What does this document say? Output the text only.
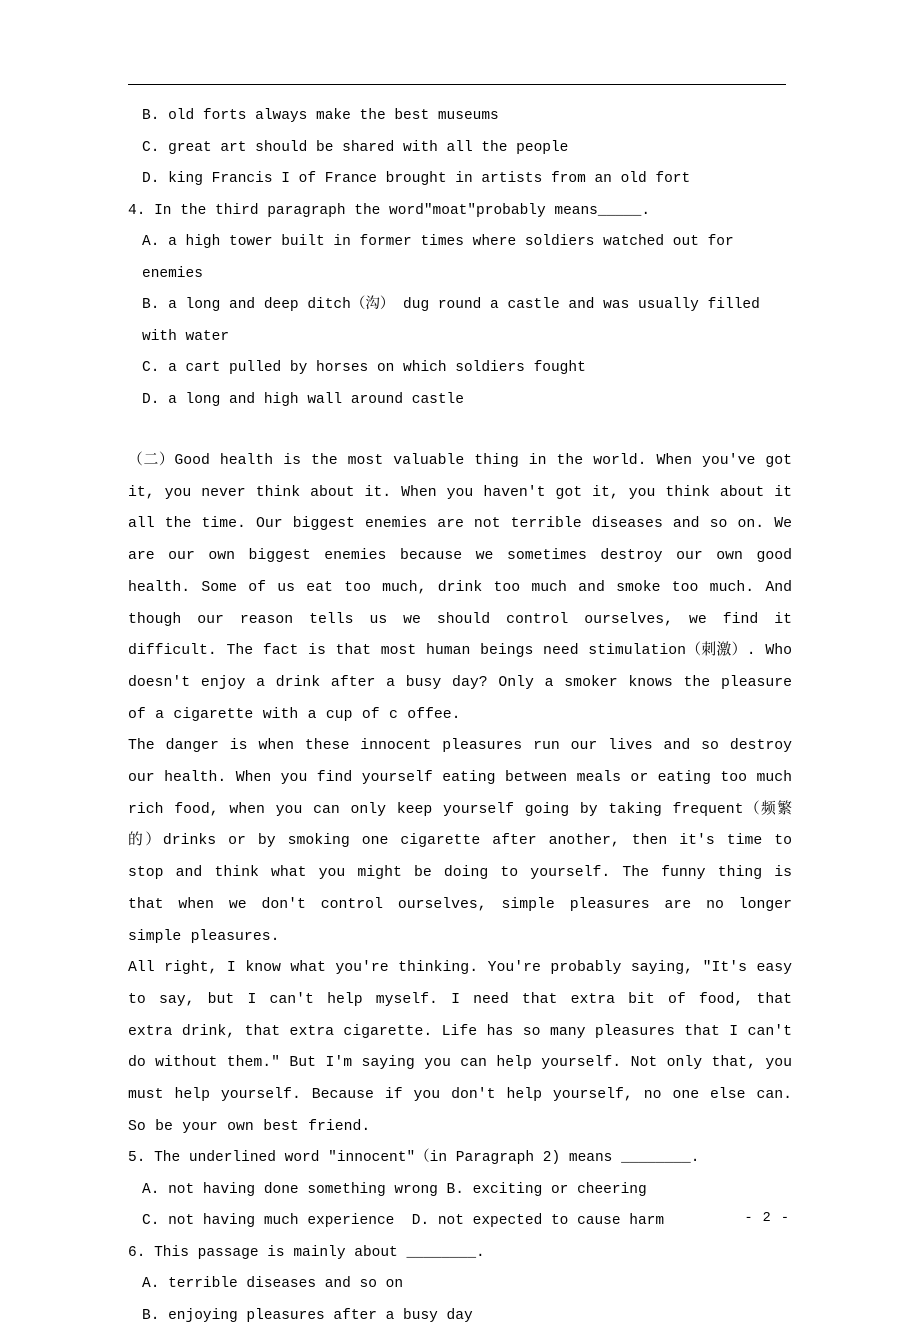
B. old forts always make the best museums
C. great art should be shared with all the people
D. king Francis I of France brought in artists from an old fort
4. In the third paragraph the word"moat"probably means_____.
A. a high tower built in former times where soldiers watched out for enemies
B. a long and deep ditch（沟） dug round a castle and was usually filled with water
C. a cart pulled by horses on which soldiers fought
D. a long and high wall around castle
（二）Good health is the most valuable thing in the world. When you've got it, you never think about it. When you haven't got it, you think about it all the time. Our biggest enemies are not terrible diseases and so on. We are our own biggest enemies because we sometimes destroy our own good health. Some of us eat too much, drink too much and smoke too much. And though our reason tells us we should control ourselves, we find it difficult. The fact is that most human beings need stimulation（刺激）. Who doesn't enjoy a drink after a busy day? Only a smoker knows the pleasure of a cigarette with a cup of c offee.
The danger is when these innocent pleasures run our lives and so destroy our health. When you find yourself eating between meals or eating too much rich food, when you can only keep yourself going by taking frequent（频繁的）drinks or by smoking one cigarette after another, then it's time to stop and think what you might be doing to yourself. The funny thing is that when we don't control ourselves, simple pleasures are no longer simple pleasures.
All right, I know what you're thinking. You're probably saying, "It's easy to say, but I can't help myself. I need that extra bit of food, that extra drink, that extra cigarette. Life has so many pleasures that I can't do without them." But I'm saying you can help yourself. Not only that, you must help yourself. Because if you don't help yourself, no one else can. So be your own best friend.
5. The underlined word "innocent"（in Paragraph 2) means ________.
A. not having done something wrong B. exciting or cheering
C. not having much experience  D. not expected to cause harm
6. This passage is mainly about ________.
A. terrible diseases and so on
B. enjoying pleasures after a busy day
- 2 -
